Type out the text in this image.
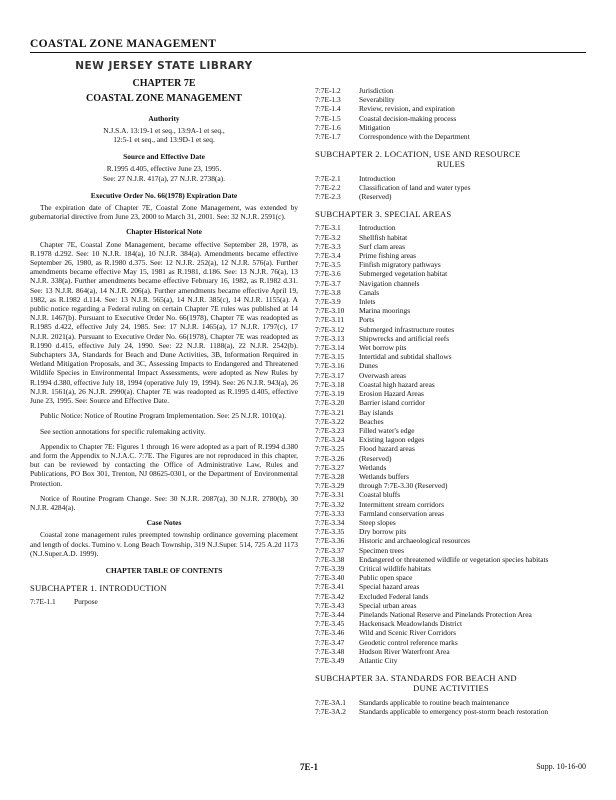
COASTAL ZONE MANAGEMENT
NEW JERSEY STATE LIBRARY
CHAPTER 7E
COASTAL ZONE MANAGEMENT
Authority
N.J.S.A. 13:19-1 et seq., 13:9A-1 et seq.,
12:5-1 et seq., and 13:9D-1 et seq.
Source and Effective Date
R.1995 d.405, effective June 23, 1995.
See: 27 N.J.R. 417(a), 27 N.J.R. 2738(a).
Executive Order No. 66(1978) Expiration Date

The expiration date of Chapter 7E, Coastal Zone Management, was extended by gubernatorial directive from June 23, 2000 to March 31, 2001. See: 32 N.J.R. 2591(c).

Chapter Historical Note

Chapter 7E, Coastal Zone Management, became effective September 28, 1978, as R.1978 d.292. See: 10 N.J.R. 184(a), 10 N.J.R. 384(a). Amendments became effective September 26, 1980, as R.1980 d.375. See: 12 N.J.R. 252(a), 12 N.J.R. 576(a). Further amendments became effective May 15, 1981 as R.1981, d.186. See: 13 N.J.R. 76(a), 13 N.J.R. 338(a). Further amendments became effective February 16, 1982, as R.1982 d.31. See: 13 N.J.R. 864(a), 14 N.J.R. 206(a). Further amendments became effective April 19, 1982, as R.1982 d.114. See: 13 N.J.R. 565(a), 14 N.J.R. 385(c), 14 N.J.R. 1155(a). A public notice regarding a Federal ruling on certain Chapter 7E rules was published at 14 N.J.R. 1467(b). Pursuant to Executive Order No. 66(1978), Chapter 7E was readopted as R.1985 d.422, effective July 24, 1985. See: 17 N.J.R. 1465(a), 17 N.J.R. 1797(c), 17 N.J.R. 2021(a). Pursuant to Executive Order No. 66(1978), Chapter 7E was readopted as R.1990 d.415, effective July 24, 1990. See: 22 N.J.R. 1188(a), 22 N.J.R. 2542(b). Subchapters 3A, Standards for Beach and Dune Activities, 3B, Information Required in Wetland Mitigation Proposals, and 3C, Assessing Impacts to Endangered and Threatened Wildlife Species in Environmental Impact Assessments, were adopted as New Rules by R.1994 d.380, effective July 18, 1994 (operative July 19, 1994). See: 26 N.J.R. 943(a), 26 N.J.R. 1561(a), 26 N.J.R. 2990(a). Chapter 7E was readopted as R.1995 d.405, effective June 23, 1995. See: Source and Effective Date.

Public Notice: Notice of Routine Program Implementation. See: 25 N.J.R. 1010(a).

See section annotations for specific rulemaking activity.

Appendix to Chapter 7E: Figures 1 through 16 were adopted as a part of R.1994 d.380 and form the Appendix to N.J.A.C. 7:7E. The Figures are not reproduced in this chapter, but can be reviewed by contacting the Office of Administrative Law, Rules and Publications, PO Box 301, Trenton, NJ 08625-0301, or the Department of Environmental Protection.

Notice of Routine Program Change. See: 30 N.J.R. 2087(a), 30 N.J.R. 2780(b), 30 N.J.R. 4284(a).

Case Notes

Coastal zone management rules preempted township ordinance governing placement and length of docks. Tumino v. Long Beach Township, 319 N.J.Super. 514, 725 A.2d 1173 (N.J.Super.A.D. 1999).

CHAPTER TABLE OF CONTENTS
SUBCHAPTER 1. INTRODUCTION
7:7E-1.1	Purpose
7:7E-1.2	Jurisdiction
7:7E-1.3	Severability
7:7E-1.4	Review, revision, and expiration
7:7E-1.5	Coastal decision-making process
7:7E-1.6	Mitigation
7:7E-1.7	Correspondence with the Department
SUBCHAPTER 2. LOCATION, USE AND RESOURCE
RULES
7:7E-2.1	Introduction
7:7E-2.2	Classification of land and water types
7:7E-2.3	(Reserved)
SUBCHAPTER 3. SPECIAL AREAS
7:7E-3.1	Introduction
7:7E-3.2	Shellfish habitat
7:7E-3.3	Surf clam areas
7:7E-3.4	Prime fishing areas
7:7E-3.5	Finfish migratory pathways
7:7E-3.6	Submerged vegetation habitat
7:7E-3.7	Navigation channels
7:7E-3.8	Canals
7:7E-3.9	Inlets
7:7E-3.10	Marina moorings
7:7E-3.11	Ports
7:7E-3.12	Submerged infrastructure routes
7:7E-3.13	Shipwrecks and artificial reefs
7:7E-3.14	Wet borrow pits
7:7E-3.15	Intertidal and subtidal shallows
7:7E-3.16	Dunes
7:7E-3.17	Overwash areas
7:7E-3.18	Coastal high hazard areas
7:7E-3.19	Erosion Hazard Areas
7:7E-3.20	Barrier island corridor
7:7E-3.21	Bay islands
7:7E-3.22	Beaches
7:7E-3.23	Filled water's edge
7:7E-3.24	Existing lagoon edges
7:7E-3.25	Flood hazard areas
7:7E-3.26	(Reserved)
7:7E-3.27	Wetlands
7:7E-3.28	Wetlands buffers
7:7E-3.29	through 7:7E-3.30 (Reserved)
7:7E-3.31	Coastal bluffs
7:7E-3.32	Intermittent stream corridors
7:7E-3.33	Farmland conservation areas
7:7E-3.34	Steep slopes
7:7E-3.35	Dry borrow pits
7:7E-3.36	Historic and archaeological resources
7:7E-3.37	Specimen trees
7:7E-3.38	Endangered or threatened wildlife or vegetation species habitats
7:7E-3.39	Critical wildlife habitats
7:7E-3.40	Public open space
7:7E-3.41	Special hazard areas
7:7E-3.42	Excluded Federal lands
7:7E-3.43	Special urban areas
7:7E-3.44	Pinelands National Reserve and Pinelands Protection Area
7:7E-3.45	Hackensack Meadowlands District
7:7E-3.46	Wild and Scenic River Corridors
7:7E-3.47	Geodetic control reference marks
7:7E-3.48	Hudson River Waterfront Area
7:7E-3.49	Atlantic City
SUBCHAPTER 3A. STANDARDS FOR BEACH AND
DUNE ACTIVITIES
7:7E-3A.1	Standards applicable to routine beach maintenance
7:7E-3A.2	Standards applicable to emergency post-storm beach restoration
7E-1	Supp. 10-16-00
